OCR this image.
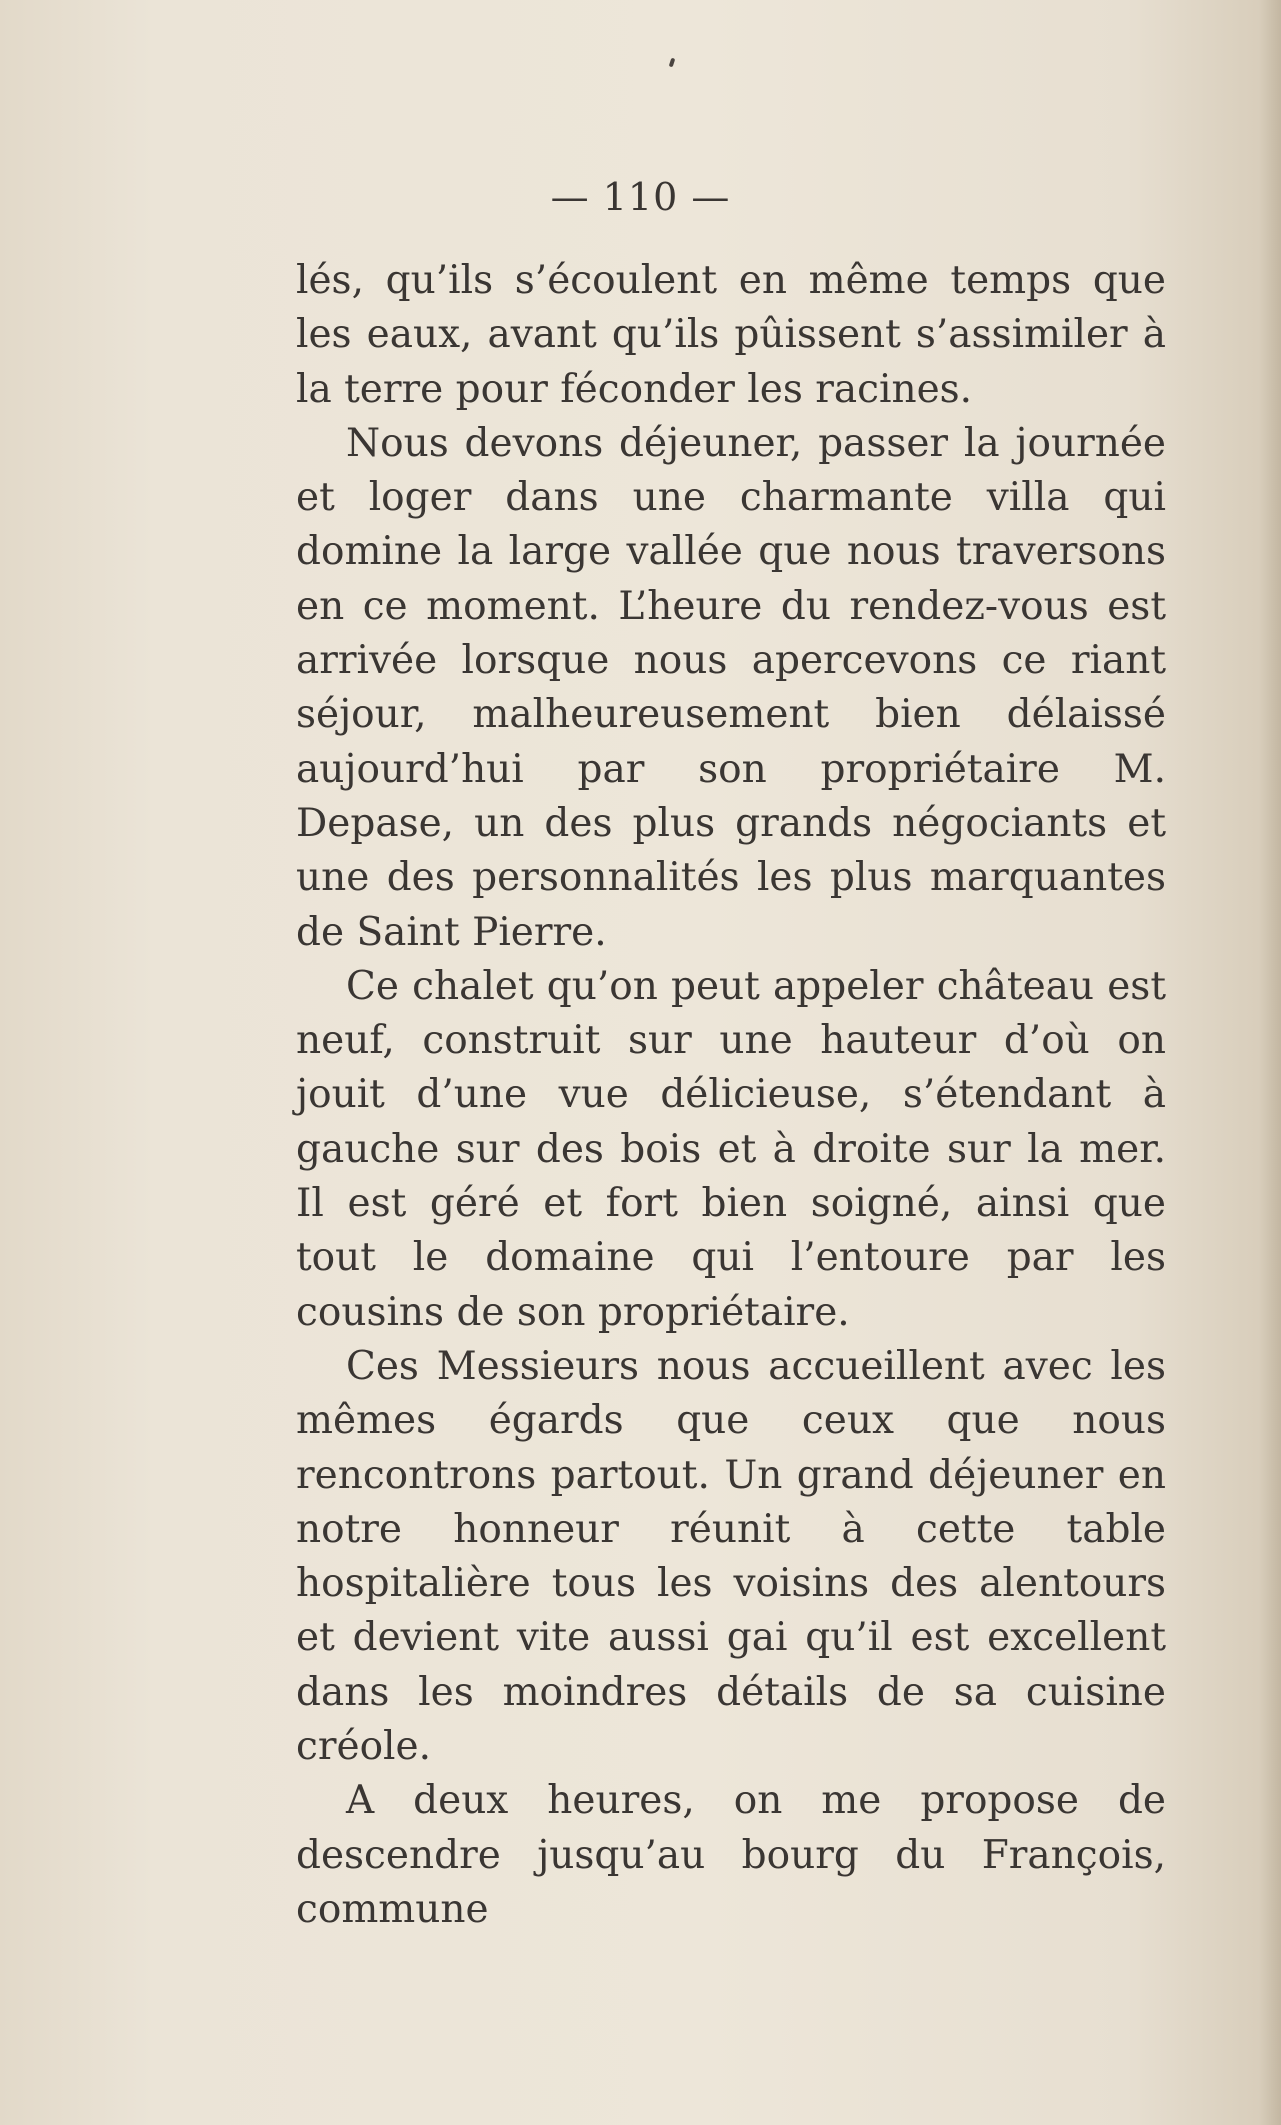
— 110 —

lés, qu’ils s’écoulent en même temps que les eaux, avant qu’ils pûissent s’assimiler à la terre pour féconder les racines.

Nous devons déjeuner, passer la journée et loger dans une charmante villa qui domine la large vallée que nous traversons en ce moment. L’heure du rendez-vous est arrivée lorsque nous apercevons ce riant séjour, malheureusement bien délaissé aujourd’hui par son propriétaire M. Depase, un des plus grands négociants et une des personnalités les plus marquantes de Saint Pierre.

Ce chalet qu’on peut appeler château est neuf, construit sur une hauteur d’où on jouit d’une vue délicieuse, s’étendant à gauche sur des bois et à droite sur la mer. Il est géré et fort bien soigné, ainsi que tout le domaine qui l’entoure par les cousins de son propriétaire.

Ces Messieurs nous accueillent avec les mêmes égards que ceux que nous rencontrons partout. Un grand déjeuner en notre honneur réunit à cette table hospitalière tous les voisins des alentours et devient vite aussi gai qu’il est excellent dans les moindres détails de sa cuisine créole.

A deux heures, on me propose de descendre jusqu’au bourg du François, commune
